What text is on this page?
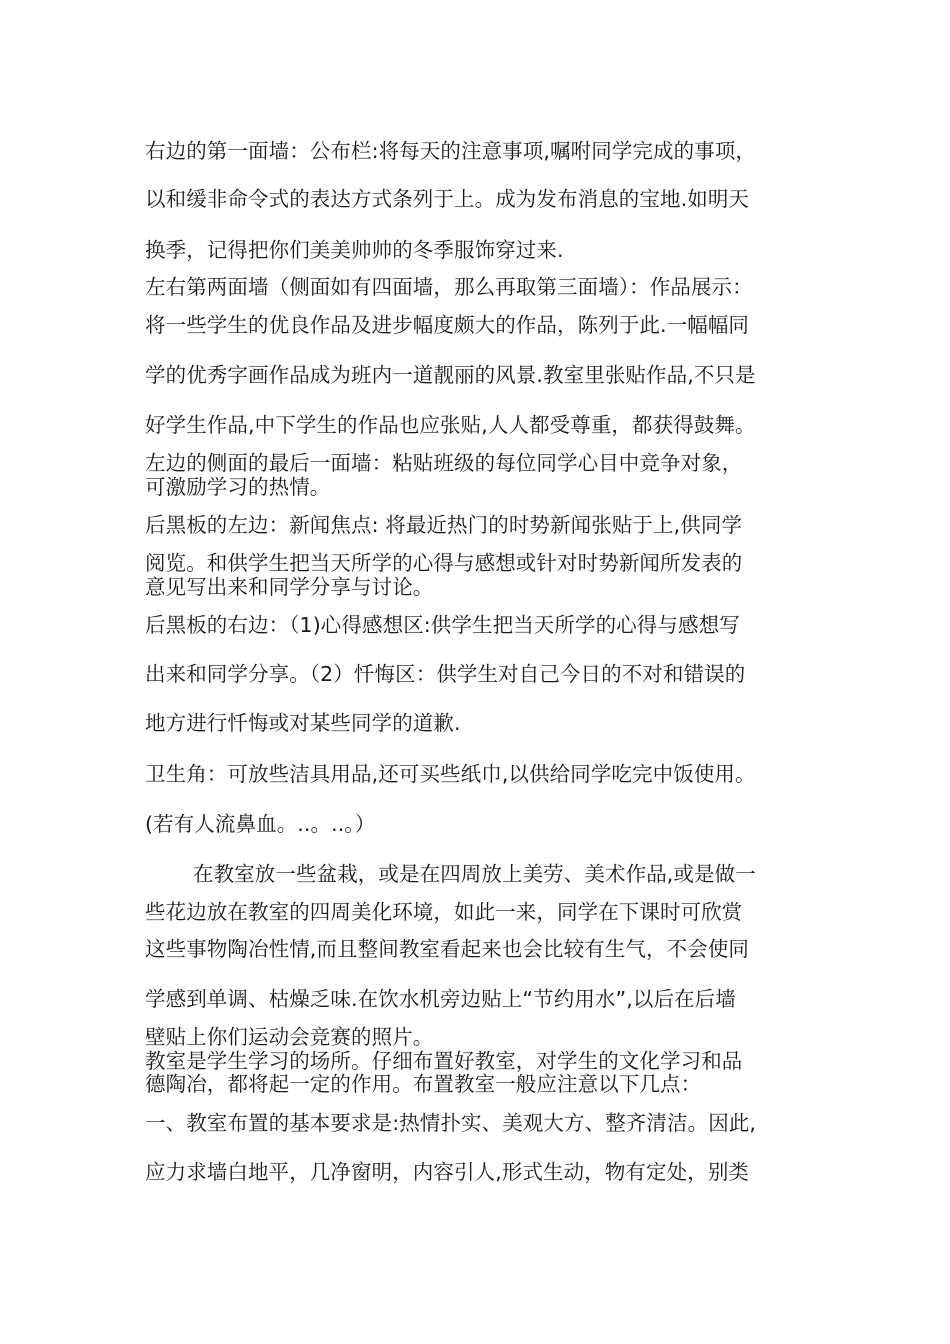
右边的第一面墙：公布栏:将每天的注意事项,嘱咐同学完成的事项，
以和缓非命令式的表达方式条列于上。成为发布消息的宝地.如明天
换季，记得把你们美美帅帅的冬季服饰穿过来.
左右第两面墙（侧面如有四面墙，那么再取第三面墙）：作品展示：
将一些学生的优良作品及进步幅度颇大的作品，陈列于此.一幅幅同
学的优秀字画作品成为班内一道靓丽的风景.教室里张贴作品,不只是
好学生作品,中下学生的作品也应张贴,人人都受尊重，都获得鼓舞。
左边的侧面的最后一面墙：粘贴班级的每位同学心目中竞争对象，
可激励学习的热情。
后黑板的左边：新闻焦点: 将最近热门的时势新闻张贴于上,供同学
阅览。和供学生把当天所学的心得与感想或针对时势新闻所发表的
意见写出来和同学分享与讨论。
后黑板的右边：（1)心得感想区:供学生把当天所学的心得与感想写
出来和同学分享。（2）忏悔区：供学生对自己今日的不对和错误的
地方进行忏悔或对某些同学的道歉.
卫生角：可放些洁具用品,还可买些纸巾,以供给同学吃完中饭使用。
(若有人流鼻血。..。..。）
在教室放一些盆栽，或是在四周放上美劳、美术作品,或是做一
些花边放在教室的四周美化环境，如此一来，同学在下课时可欣赏
这些事物陶冶性情,而且整间教室看起来也会比较有生气，不会使同
学感到单调、枯燥乏味.在饮水机旁边贴上“节约用水”,以后在后墙
壁贴上你们运动会竞赛的照片。
教室是学生学习的场所。仔细布置好教室，对学生的文化学习和品
德陶冶，都将起一定的作用。布置教室一般应注意以下几点：
一、教室布置的基本要求是:热情扑实、美观大方、整齐清洁。因此,
应力求墙白地平，几净窗明，内容引人,形式生动，物有定处，别类
